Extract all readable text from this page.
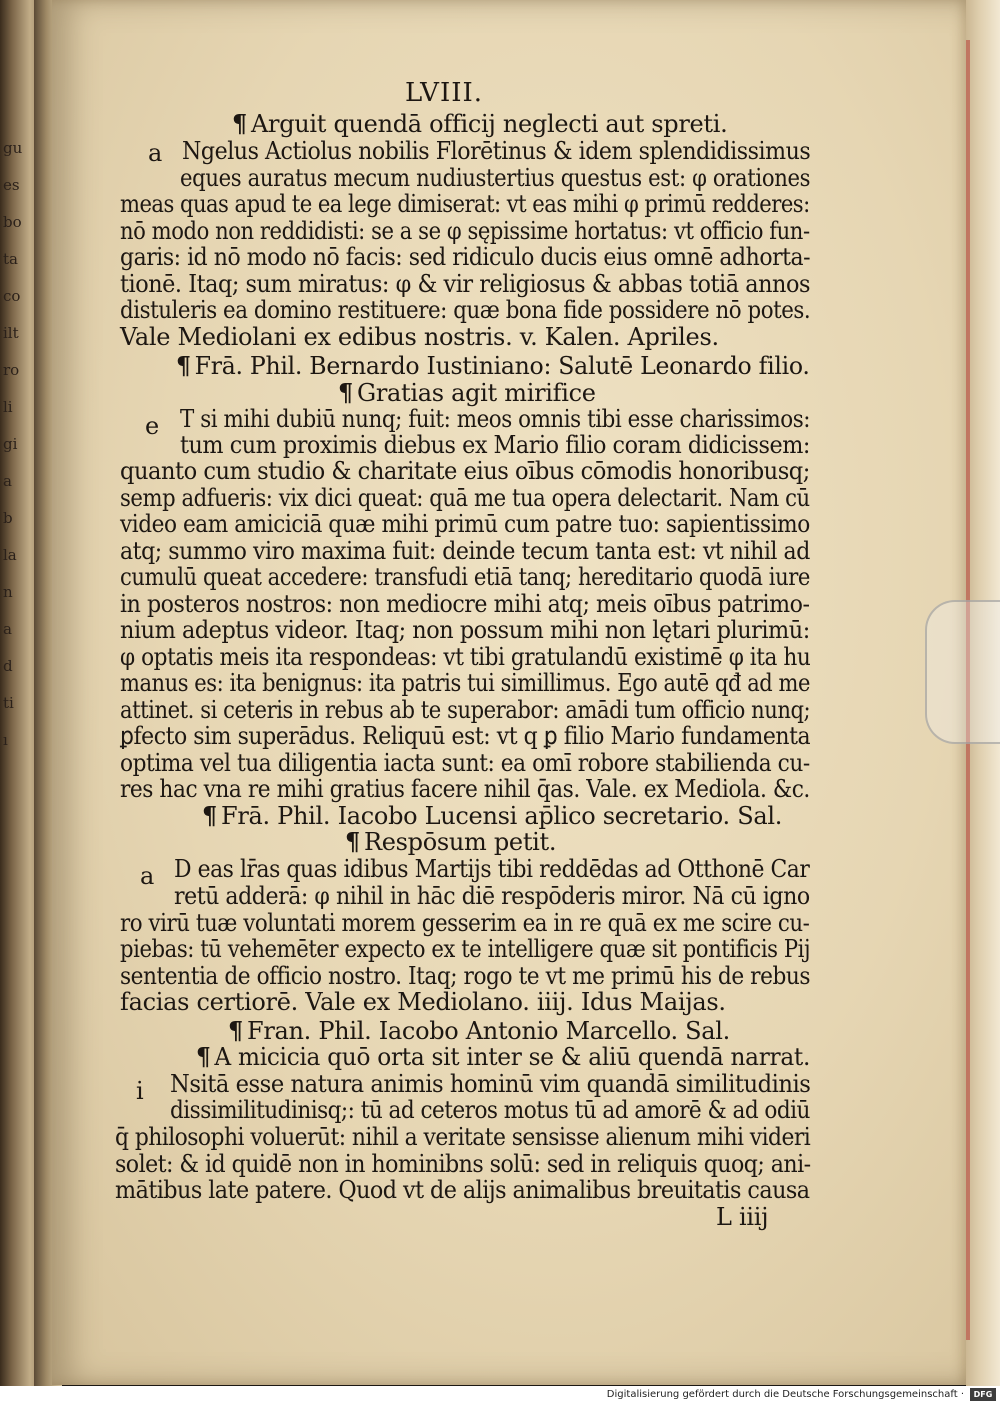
gu
es
bo
ta
co
ilt
ro
li
gi
a
b
la
n
a
d
ti
ı
LVIII.
¶ Arguit quendā officij neglecti aut spreti.
a Ngelus Actiolus nobilis Florētinus & idem splendidissimus
eques auratus mecum nudiustertius questus est: φ orationes
meas quas apud te ea lege dimiserat: vt eas mihi φ primū redderes:
nō modo non reddidisti: se a se φ sępissime hortatus: vt officio fun-
garis: id nō modo nō facis: sed ridiculo ducis eius omnē adhorta-
tionē. Itaq; sum miratus: φ & vir religiosus & abbas totiā annos
distuleris ea domino restituere: quæ bona fide possidere nō potes.
Vale Mediolani ex edibus nostris. v. Kalen. Apriles.
¶ Frā. Phil. Bernardo Iustiniano: Salutē Leonardo filio.
¶ Gratias agit mirifice
e T si mihi dubiū nunq; fuit: meos omnis tibi esse charissimos:
tum cum proximis diebus ex Mario filio coram didicissem:
quanto cum studio & charitate eius oībus cōmodis honoribusq;
semp adfueris: vix dici queat: quā me tua opera delectarit. Nam cū
video eam amiciciā quæ mihi primū cum patre tuo: sapientissimo
atq; summo viro maxima fuit: deinde tecum tanta est: vt nihil ad
cumulū queat accedere: transfudi etiā tanq; hereditario quodā iure
in posteros nostros: non mediocre mihi atq; meis oībus patrimo-
nium adeptus videor. Itaq; non possum mihi non lętari plurimū:
φ optatis meis ita respondeas: vt tibi gratulandū existimē φ ita hu
manus es: ita benignus: ita patris tui simillimus. Ego autē qđ ad me
attinet. si ceteris in rebus ab te superabor: amādi tum officio nunq;
ꝑfecto sim superādus. Reliquū est: vt q ꝑ filio Mario fundamenta
optima vel tua diligentia iacta sunt: ea omī robore stabilienda cu-
res hac vna re mihi gratius facere nihil q̄as. Vale. ex Mediola. &c.
¶ Frā. Phil. Iacobo Lucensi ap̄lico secretario. Sal.
¶ Respōsum petit.
a D eas lr̄as quas idibus Martijs tibi reddēdas ad Otthonē Car
retū adderā: φ nihil in hāc diē respōderis miror. Nā cū igno
ro virū tuæ voluntati morem gesserim ea in re quā ex me scire cu-
piebas: tū vehemēter expecto ex te intelligere quæ sit pontificis Pij
sententia de officio nostro. Itaq; rogo te vt me primū his de rebus
facias certiorē. Vale ex Mediolano. iiij. Idus Maijas.
¶ Fran. Phil. Iacobo Antonio Marcello. Sal.
¶ A micicia quō orta sit inter se & aliū quendā narrat.
i Nsitā esse natura animis hominū vim quandā similitudinis
dissimilitudinisq;: tū ad ceteros motus tū ad amorē & ad odiū
q̄ philosophi voluerūt: nihil a veritate sensisse alienum mihi videri
solet: & id quidē non in hominibns solū: sed in reliquis quoq; ani-
mātibus late patere. Quod vt de alijs animalibus breuitatis causa
L iiij
Digitalisierung gefördert durch die Deutsche Forschungsgemeinschaft ·	DFG
